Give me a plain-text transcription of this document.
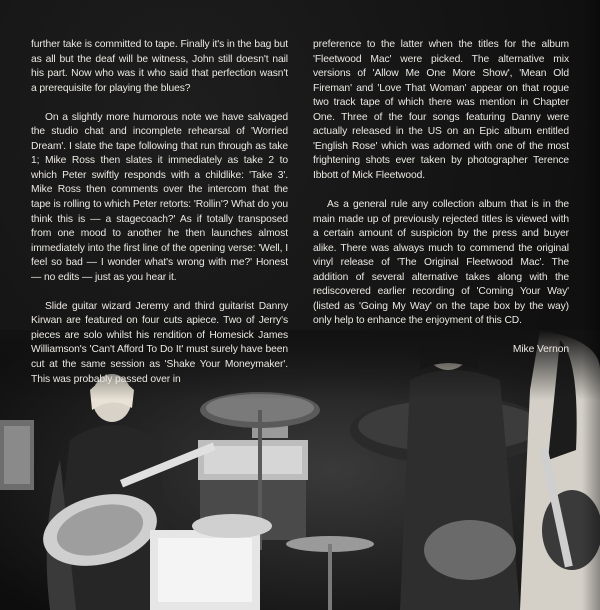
further take is committed to tape. Finally it's in the bag but as all but the deaf will be witness, John still doesn't nail his part. Now who was it who said that perfection wasn't a prerequisite for playing the blues?

On a slightly more humorous note we have salvaged the studio chat and incomplete rehearsal of 'Worried Dream'. I slate the tape following that run through as take 1; Mike Ross then slates it immediately as take 2 to which Peter swiftly responds with a childlike: 'Take 3'. Mike Ross then comments over the intercom that the tape is rolling to which Peter retorts: 'Rollin'? What do you think this is — a stagecoach?' As if totally transposed from one mood to another he then launches almost immediately into the first line of the opening verse: 'Well, I feel so bad — I wonder what's wrong with me?' Honest — no edits — just as you hear it.

Slide guitar wizard Jeremy and third guitarist Danny Kirwan are featured on four cuts apiece. Two of Jerry's pieces are solo whilst his rendition of Homesick James Williamson's 'Can't Afford To Do It' must surely have been cut at the same session as 'Shake Your Moneymaker'. This was probably passed over in

preference to the latter when the titles for the album 'Fleetwood Mac' were picked. The alternative mix versions of 'Allow Me One More Show', 'Mean Old Fireman' and 'Love That Woman' appear on that rogue two track tape of which there was mention in Chapter One. Three of the four songs featuring Danny were actually released in the US on an Epic album entitled 'English Rose' which was adorned with one of the most frightening shots ever taken by photographer Terence Ibbott of Mick Fleetwood.

As a general rule any collection album that is in the main made up of previously rejected titles is viewed with a certain amount of suspicion by the press and buyer alike. There was always much to commend the original vinyl release of 'The Original Fleetwood Mac'. The addition of several alternative takes along with the rediscovered earlier recording of 'Coming Your Way' (listed as 'Going My Way' on the tape box by the way) only help to enhance the enjoyment of this CD.

Mike Vernon
